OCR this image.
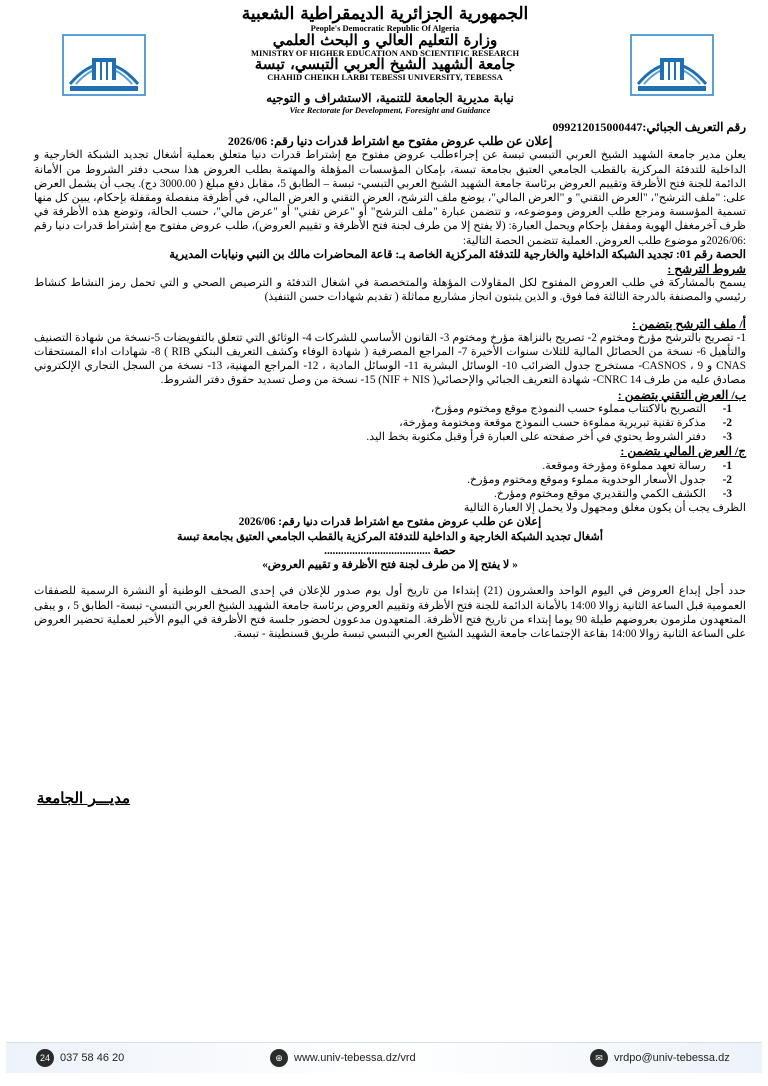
الجمهورية الجزائرية الديمقراطية الشعبية
People's Democratic Republic Of Algeria
وزارة التعليم العالي و البحث العلمي
MINISTRY OF HIGHER EDUCATION AND SCIENTIFIC RESEARCH
جامعة الشهيد الشيخ العربي التبسي، تبسة
CHAHID CHEIKH LARBI TEBESSI UNIVERSITY, TEBESSA
نيابة مديرية الجامعة للتنمية، الاستشراف و التوجيه
Vice Rectorate for Development, Foresight and Guidance

رقم التعريف الجبائي:099212015000447

إعلان عن طلب عروض مفتوح مع اشتراط قدرات دنيا رقم: 2026/06

يعلن مدير جامعة الشهيد الشيخ العربي التبسي تبسة عن إجراءطلب عروض مفتوح مع إشتراط قدرات دنيا متعلق بعملية أشغال تجديد الشبكة الخارجية و الداخلية للتدفئة المركزية بالقطب الجامعي العتيق بجامعة تبسة، بإمكان المؤسسات المؤهلة والمهتمة بطلب العروض هذا سحب دفتر الشروط من الأمانة الدائمة للجنة فتح الأظرفة وتقييم العروض برئاسة جامعة الشهيد الشيخ العربي التبسي- تبسة – الطابق 5، مقابل دفع مبلغ ( 3000.00 دج). يجب أن يشمل العرض على: "ملف الترشح"، "العرض التقني" و "العرض المالي"، يوضع ملف الترشح، العرض التقني و العرض المالي، في أظرفة منفصلة ومقفلة بإحكام، يبين كل منها تسمية المؤسسة ومرجع طلب العروض وموضوعه، و تتضمن عبارة "ملف الترشح" أو "عرض تقني" أو "عرض مالي"، حسب الحالة، وتوضع هذه الأظرفة في ظرف آخرمغفل الهوية ومقفل بإحكام ويحمل العبارة: (لا يفتح إلا من طرف لجنة فتح الأظرفة و تقييم العروض)، طلب عروض مفتوح مع إشتراط قدرات دنيا رقم :2026/06و موضوع طلب العروض. العملية تتضمن الحصة التالية:

الحصة رقم 01: تجديد الشبكة الداخلية والخارجية للتدفئة المركزية الخاصة بـ: قاعة المحاضرات مالك بن النبي ونيابات المديرية

شروط الترشح :

يسمح بالمشاركة في طلب العروض المفتوح لكل المقاولات المؤهلة والمتخصصة في اشغال التدفئة و الترصيص الصحي و التي تحمل رمز النشاط كنشاط رئيسي والمصنفة بالدرجة الثالثة فما فوق. و الذين يثبتون انجاز مشاريع مماثلة ( تقديم شهادات حسن التنفيذ)

أ/ ملف الترشح يتضمن :

1- تصريح بالترشح مؤرخ ومختوم 2- تصريح بالنزاهة مؤرخ ومختوم 3- القانون الأساسي للشركات 4- الوثائق التي تتعلق بالتفويضات 5-نسخة من شهادة التصنيف والتأهيل 6- نسخة من الحصائل المالية للثلاث سنوات الأخيرة 7- المراجع المصرفية ( شهادة الوفاء وكشف التعريف البنكي RIB ) 8- شهادات اداء المستحقات CNAS و CASNOS ، 9- مستخرج جدول الضرائب 10- الوسائل البشرية 11- الوسائل المادية ، 12- المراجع المهنية، 13- نسخة من السجل التجاري الإلكتروني مصادق عليه من طرف CNRC 14- شهادة التعريف الجبائي والإحصائي( NIF + NIS) 15- نسخة من وصل تسديد حقوق دفتر الشروط.

ب/ العرض التقني يتضمن :

1-
التصريح بالاكتتاب مملوء حسب النموذج موقع ومختوم ومؤرخ،
2-
مذكرة تقنية تبريرية مملوءة حسب النموذج موقعة ومختومة ومؤرخة،
3-
دفتر الشروط يحتوي في أخر صفحته على العبارة قرأ وقبل مكتوبة بخط اليد.

ج/ العرض المالي يتضمن :

1-
رسالة تعهد مملوءة ومؤرخة وموقعة.
2-
جدول الأسعار الوحدوية مملوء وموقع ومختوم ومؤرخ.
3-
الكشف الكمي والتقديري موقع ومختوم ومؤرخ.

الظرف يجب أن يكون مغلق ومجهول ولا يحمل إلا العبارة التالية

إعلان عن طلب عروض مفتوح مع اشتراط قدرات دنيا رقم: 2026/06

أشغال تجديد الشبكة الخارجية و الداخلية للتدفئة المركزية بالقطب الجامعي العتيق بجامعة تبسة

حصة ......................................

« لا يفتح إلا من طرف لجنة فتح الأظرفة و تقييم العروض»

حدد أجل إيداع العروض في اليوم الواحد والعشرون (21) إبتداءا من تاريخ أول يوم صدور للإعلان في إحدى الصحف الوطنية أو النشرة الرسمية للصفقات العمومية قبل الساعة الثانية زوالا 14:00 بالأمانة الدائمة للجنة فتح الأظرفة وتقييم العروض برئاسة جامعة الشهيد الشيخ العربي التبسي- تبسة- الطابق 5 ، و يبقى المتعهدون ملزمون بعروضهم طيلة 90 يوما إبتداء من تاريخ فتح الأظرفة. المتعهدون مدعوون لحضور جلسة فتح الأظرفة في اليوم الأخير لعملية تحضير العروض على الساعة الثانية زوالا 14:00 بقاعة الإجتماعات جامعة الشهيد الشيخ العربي التبسي تبسة طريق قسنطينة - تبسة.

مديـــر الجامعة
24 037 58 46 20	⊕	www.univ-tebessa.dz/vrd	✉	vrdpo@univ-tebessa.dz
